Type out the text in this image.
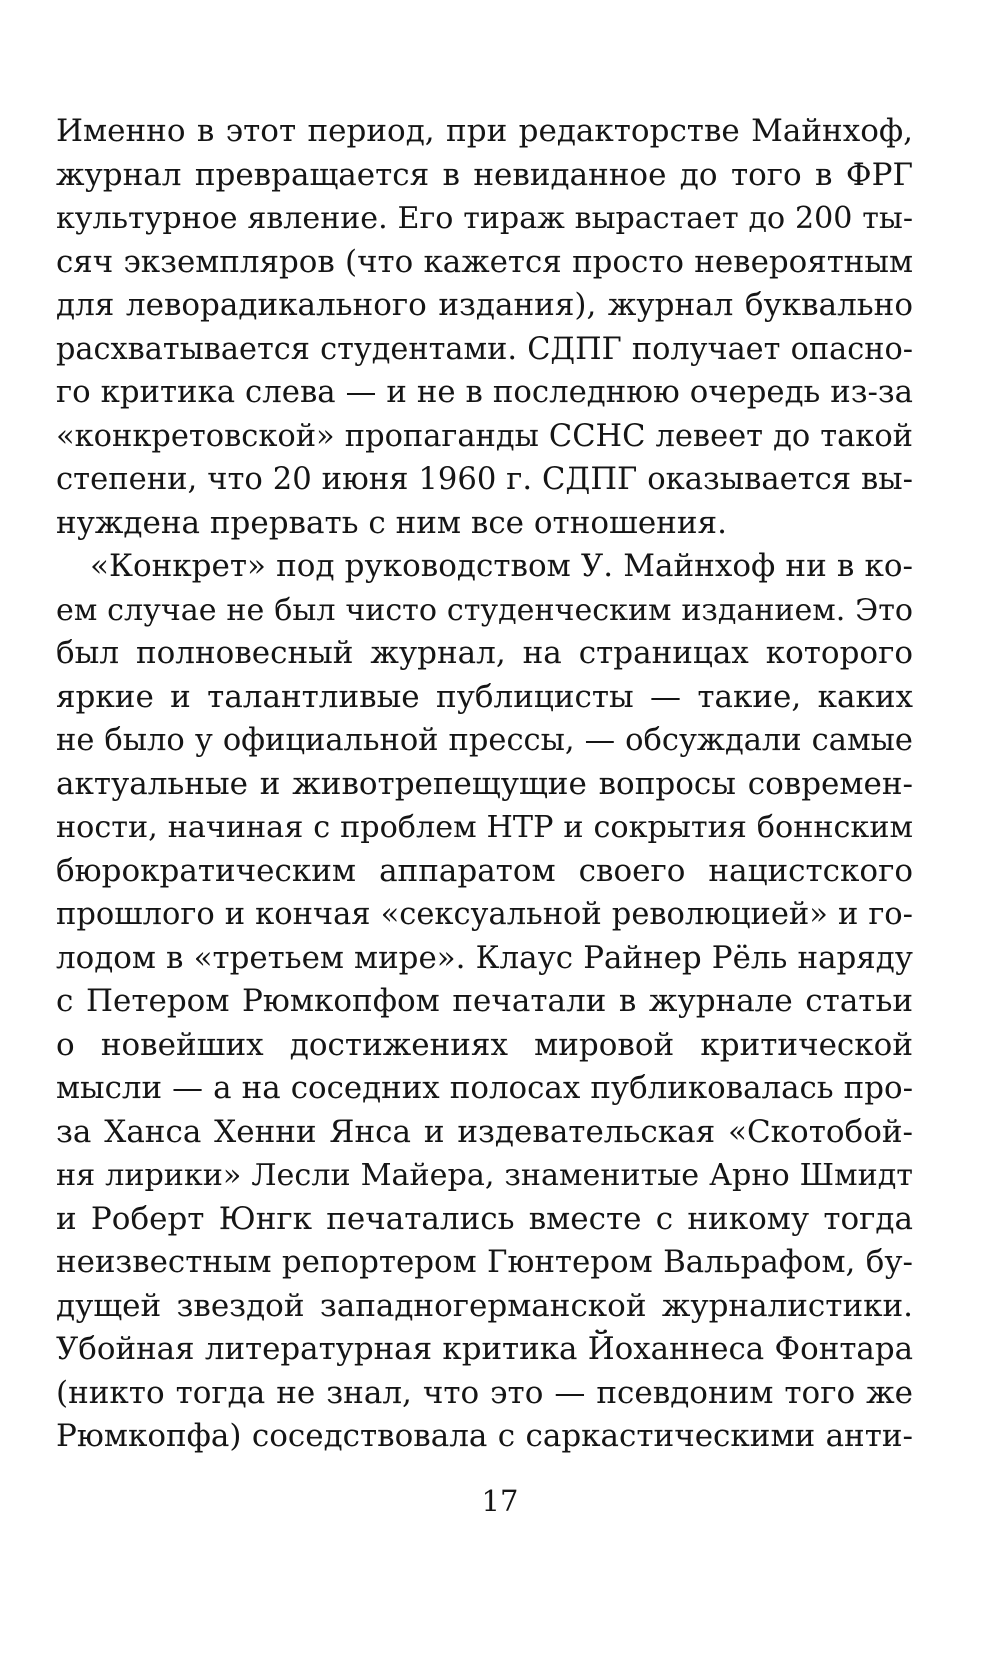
Именно в этот период, при редакторстве Майнхоф,
журнал превращается в невиданное до того в ФРГ
культурное явление. Его тираж вырастает до 200 ты-
сяч экземпляров (что кажется просто невероятным
для леворадикального издания), журнал буквально
расхватывается студентами. СДПГ получает опасно-
го критика слева — и не в последнюю очередь из-за
«конкретовской» пропаганды ССНС левеет до такой
степени, что 20 июня 1960 г. СДПГ оказывается вы-
нуждена прервать с ним все отношения.
«Конкрет» под руководством У. Майнхоф ни в ко-
ем случае не был чисто студенческим изданием. Это
был полновесный журнал, на страницах которого
яркие и талантливые публицисты — такие, каких
не было у официальной прессы, — обсуждали самые
актуальные и животрепещущие вопросы современ-
ности, начиная с проблем НТР и сокрытия боннским
бюрократическим аппаратом своего нацистского
прошлого и кончая «сексуальной революцией» и го-
лодом в «третьем мире». Клаус Райнер Рёль наряду
с Петером Рюмкопфом печатали в журнале статьи
о новейших достижениях мировой критической
мысли — а на соседних полосах публиковалась про-
за Ханса Хенни Янса и издевательская «Скотобой-
ня лирики» Лесли Майера, знаменитые Арно Шмидт
и Роберт Юнгк печатались вместе с никому тогда
неизвестным репортером Гюнтером Вальрафом, бу-
дущей звездой западногерманской журналистики.
Убойная литературная критика Йоханнеса Фонтара
(никто тогда не знал, что это — псевдоним того же
Рюмкопфа) соседствовала с саркастическими анти-
17
